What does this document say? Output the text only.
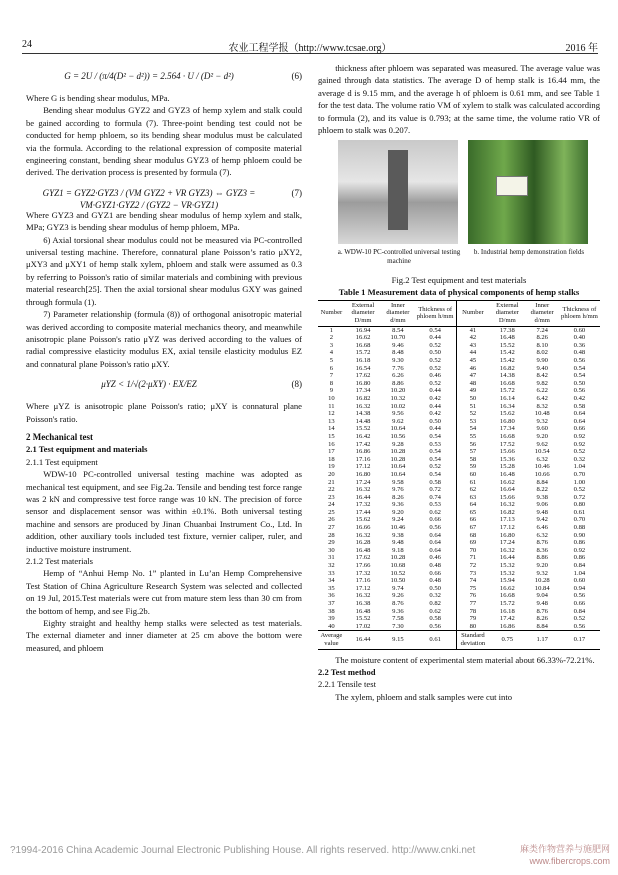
24	农业工程学报（http://www.tcsae.org）	2016 年
G = 2U / (π/4(D² − d²)) = 2.564 · U / (D² − d²)	(6)

Where G is bending shear modulus, MPa.

Bending shear modulus GYZ2 and GYZ3 of hemp xylem and stalk could be gained according to formula (7). Three-point bending test could not be conducted for hemp phloem, so its bending shear modulus must be calculated via the formula. According to the relational expression of composite material engineering constant, bending shear modulus GYZ3 of hemp phloem could be derived. The derivation process is presented by formula (7).

GYZ1 = GYZ2·GYZ3 / (VM GYZ2 + VR GYZ3) ⇔ GYZ3 = VM·GYZ1·GYZ2 / (GYZ2 − VR·GYZ1)
(7)

Where GYZ3 and GYZ1 are bending shear modulus of hemp xylem and stalk, MPa; GYZ3 is bending shear modulus of hemp phloem, MPa.

6) Axial torsional shear modulus could not be measured via PC-controlled universal testing machine. Therefore, connatural plane Poisson’s ratio μXY2, μXY3 and μXY1 of hemp stalk xylem, phloem and stalk were assumed as 0.3 by referring to Poisson's ratio of similar materials and combining with previous material research[25]. Then the axial torsional shear modulus GXY was gained through formula (1).

7) Parameter relationship (formula (8)) of orthogonal anisotropic material was derived according to composite material mechanics theory, and meanwhile anisotropic plane Poisson's ratio μYZ was derived according to the values of radial compressive elasticity modulus EX, axial tensile elasticity modulus EZ and connatural plane Poisson's ratio μXY.

μYZ < 1/√(2·μXY) · EX/EZ	(8)

Where μYZ is anisotropic plane Poisson's ratio; μXY is connatural plane Poisson's ratio.

2 Mechanical test

2.1 Test equipment and materials

2.1.1 Test equipment

WDW-10 PC-controlled universal testing machine was adopted as mechanical test equipment, and see Fig.2a. Tensile and bending test force range was 2 kN and compressive test force range was 10 kN. The precision of force sensor and displacement sensor was within ±0.1%. Both universal testing machine and sensors are produced by Jinan Chuanbai Instrument Co., Ltd. In addition, other auxiliary tools included test fixture, vernier caliper, ruler, and inductive moisture instrument.

2.1.2 Test materials

Hemp of “Anhui Hemp No. 1” planted in Lu’an Hemp Comprehensive Test Station of China Agriculture Research System was selected and collected on 19 Jul, 2015.Test materials were cut from mature stem less than 30 cm from the bottom of hemp, and see Fig.2b.

Eighty straight and healthy hemp stalks were selected as test materials. The external diameter and inner diameter at 25 cm above the bottom were measured, and phloem

thickness after phloem was separated was measured. The average value was gained through data statistics. The average D of hemp stalk is 16.44 mm, the average d is 9.15 mm, and the average h of phloem is 0.61 mm, and see Table 1 for the test data. The volume ratio VM of xylem to stalk was calculated according to formula (2), and its value is 0.793; at the same time, the volume ratio VR of phloem to stalk was 0.207.

a. WDW-10 PC-controlled universal testing machine
b. Industrial hemp demonstration fields

Fig.2 Test equipment and test materials

Table 1 Measurement data of physical components of hemp stalks

Number	External diameter D/mm	Inner diameter d/mm	Thickness of phloem h/mm	Number	External diameter D/mm	Inner diameter d/mm	Thickness of phloem h/mm
1	16.94	8.54	0.54	41	17.38	7.24	0.60
2	16.62	10.70	0.44	42	16.48	8.26	0.40
3	16.68	9.46	0.52	43	15.52	8.10	0.36
4	15.72	8.48	0.50	44	15.42	8.02	0.48
5	16.18	9.30	0.52	45	15.42	9.90	0.56
6	16.54	7.76	0.52	46	16.82	9.40	0.54
7	17.62	6.26	0.46	47	14.38	8.42	0.54
8	16.80	8.86	0.52	48	16.68	9.82	0.50
9	17.34	10.20	0.44	49	15.72	6.22	0.56
10	16.82	10.32	0.42	50	16.14	6.42	0.42
11	16.32	10.02	0.44	51	16.34	8.32	0.58
12	14.38	9.56	0.42	52	15.62	10.48	0.64
13	14.48	9.62	0.50	53	16.80	9.32	0.64
14	15.52	10.64	0.44	54	17.34	9.60	0.66
15	16.42	10.56	0.54	55	16.68	9.20	0.92
16	17.42	9.28	0.53	56	17.52	9.62	0.92
17	16.86	10.28	0.54	57	15.66	10.54	0.52
18	17.16	10.28	0.54	58	15.36	6.32	0.32
19	17.12	10.64	0.52	59	15.28	10.46	1.04
20	16.80	10.64	0.54	60	16.48	10.66	0.70
21	17.24	9.58	0.58	61	16.62	8.84	1.00
22	16.32	9.76	0.72	62	16.64	8.22	0.52
23	16.44	8.26	0.74	63	15.66	9.38	0.72
24	17.32	9.36	0.53	64	16.32	9.06	0.80
25	17.44	9.20	0.62	65	16.82	9.48	0.61
26	15.62	9.24	0.66	66	17.13	9.42	0.70
27	16.66	10.46	0.56	67	17.12	6.46	0.88
28	16.32	9.38	0.64	68	16.80	6.32	0.90
29	16.28	9.48	0.64	69	17.24	8.76	0.86
30	16.48	9.18	0.64	70	16.32	8.36	0.92
31	17.62	10.28	0.46	71	16.44	8.86	0.86
32	17.66	10.68	0.48	72	15.32	9.20	0.84
33	17.32	10.52	0.66	73	15.32	9.32	1.04
34	17.16	10.50	0.48	74	15.94	10.28	0.60
35	17.12	9.74	0.50	75	16.62	10.84	0.94
36	16.32	9.26	0.32	76	16.68	9.04	0.56
37	16.38	8.76	0.82	77	15.72	9.48	0.66
38	16.48	9.36	0.62	78	16.18	8.76	0.84
39	15.52	7.58	0.58	79	17.42	8.26	0.52
40	17.02	7.30	0.56	80	16.86	8.84	0.56
Average value	16.44	9.15	0.61	Standard deviation	0.75	1.17	0.17

The moisture content of experimental stem material about 66.33%-72.21%.

2.2 Test method

2.2.1 Tensile test

The xylem, phloem and stalk samples were cut into

?1994-2016 China Academic Journal Electronic Publishing House. All rights reserved. http://www.cnki.net	麻类作物营养与施肥网
www.fibercrops.com
